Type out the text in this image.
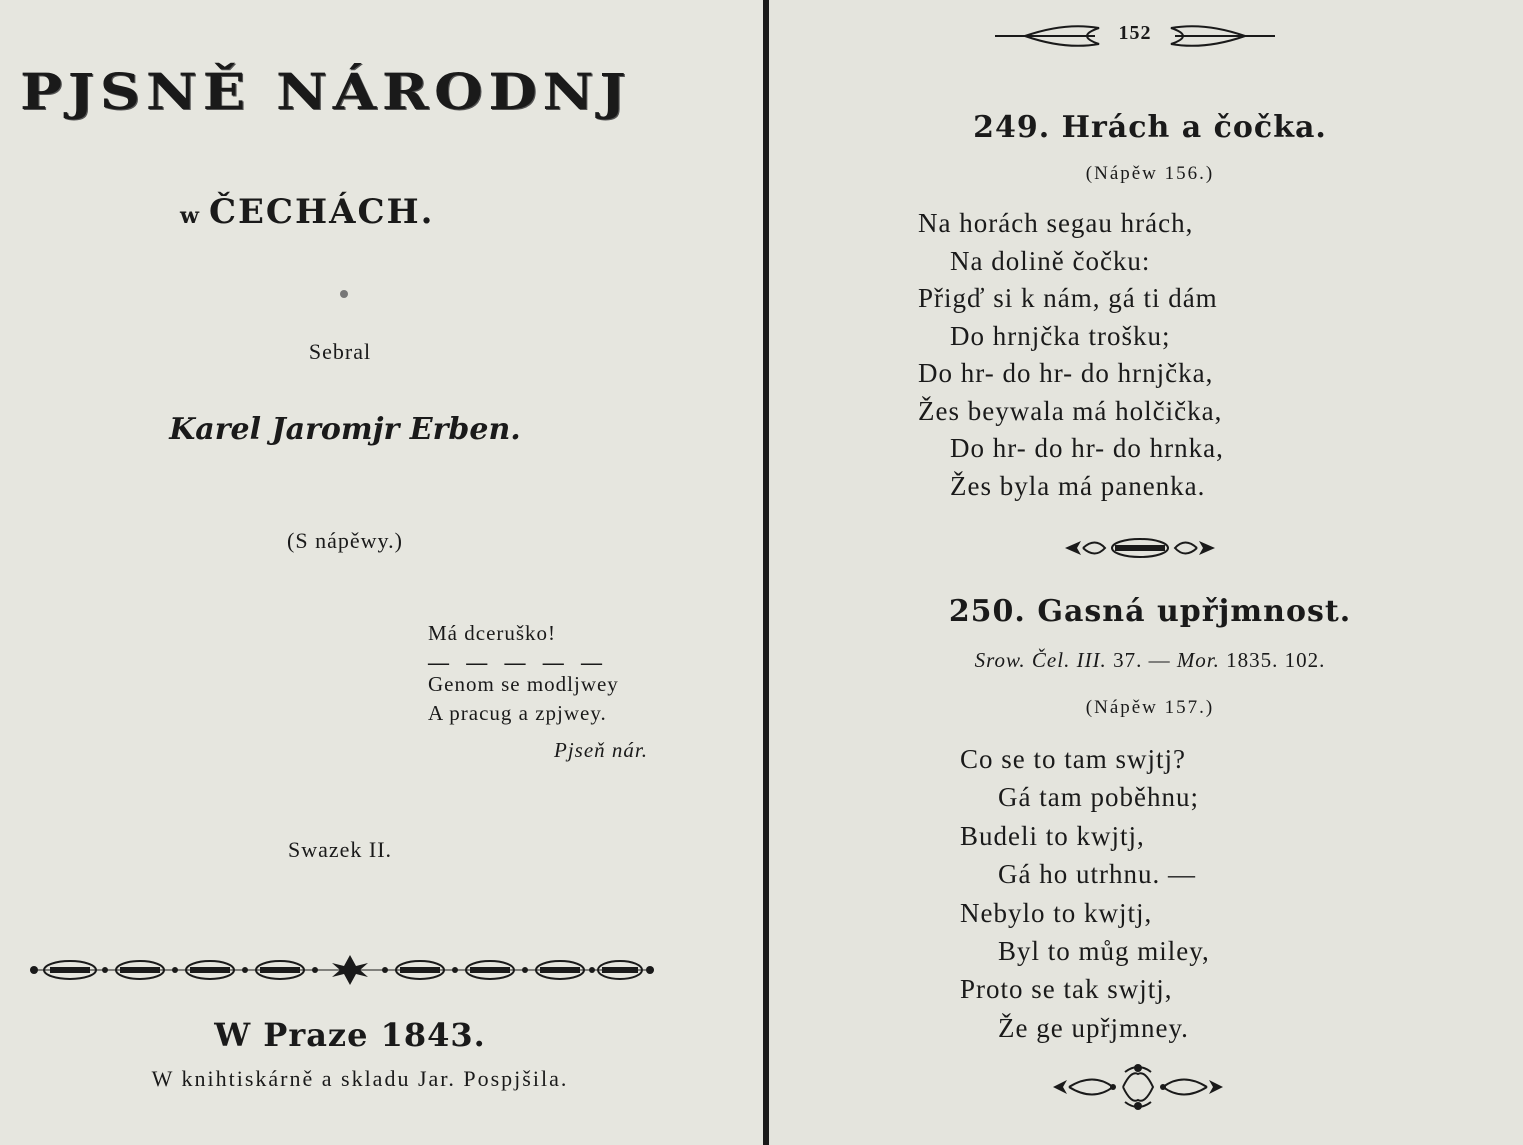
PJSNĚ NÁRODNJ
w ČECHÁCH.
Sebral
Karel Jaromjr Erben.
(S nápěwy.)
Má dceruško!
— — — — —
Genom se modljwey
A pracug a zpjwey.
Pjseň nár.
Swazek II.
W Praze 1843.
W knihtiskárně a skladu Jar. Pospjšila.
152
249. Hrách a čočka.
(Nápěw 156.)
Na horách segau hrách,
Na dolině čočku:
Přigď si k nám, gá ti dám
Do hrnjčka trošku;
Do hr- do hr- do hrnjčka,
Žes beywala má holčička,
Do hr- do hr- do hrnka,
Žes byla má panenka.
250. Gasná upřjmnost.
Srow. Čel. III. 37. — Mor. 1835. 102.
(Nápěw 157.)
Co se to tam swjtj?
Gá tam poběhnu;
Budeli to kwjtj,
Gá ho utrhnu. —
Nebylo to kwjtj,
Byl to můg miley,
Proto se tak swjtj,
Že ge upřjmney.
